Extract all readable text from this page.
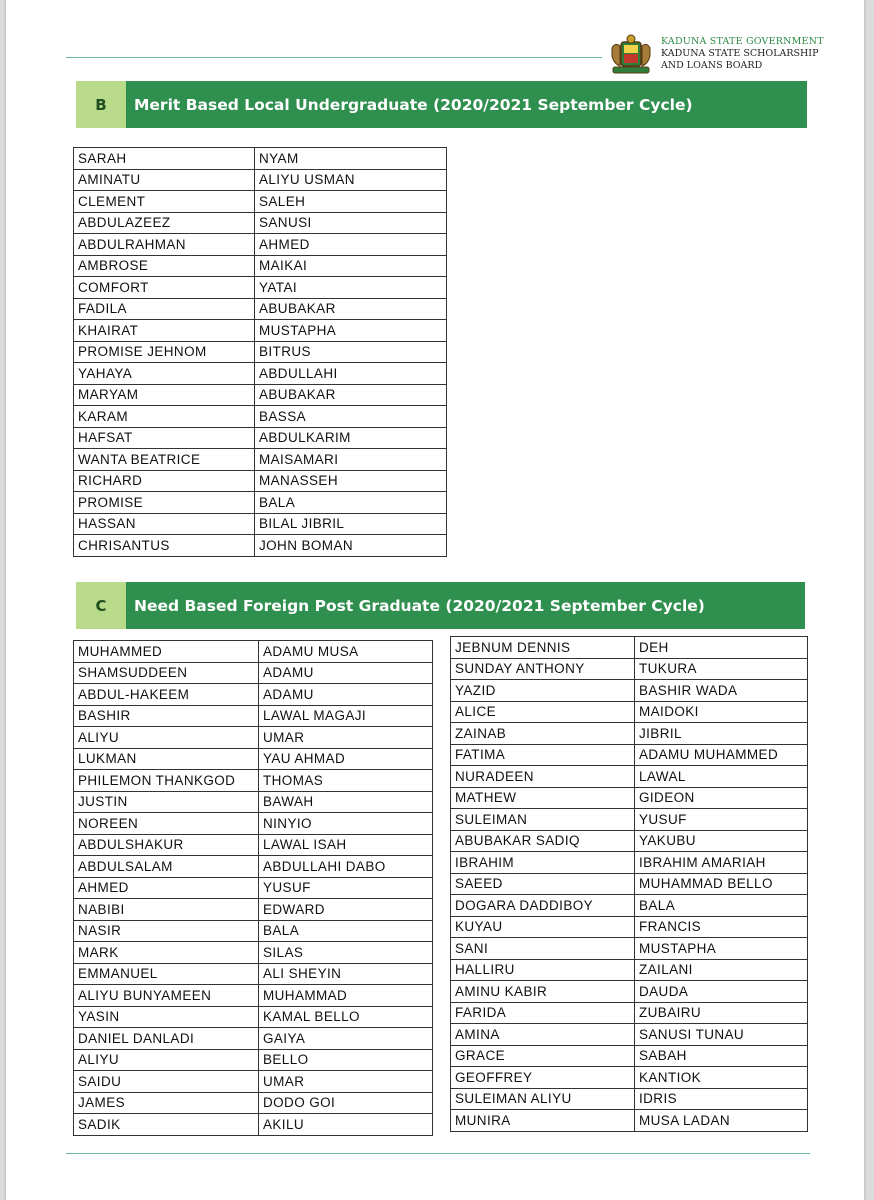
KADUNA STATE GOVERNMENT
KADUNA STATE SCHOLARSHIP
AND LOANS BOARD
B	Merit Based Local Undergraduate (2020/2021 September Cycle)
SARAH	NYAM
AMINATU	ALIYU USMAN
CLEMENT	SALEH
ABDULAZEEZ	SANUSI
ABDULRAHMAN	AHMED
AMBROSE	MAIKAI
COMFORT	YATAI
FADILA	ABUBAKAR
KHAIRAT	MUSTAPHA
PROMISE JEHNOM	BITRUS
YAHAYA	ABDULLAHI
MARYAM	ABUBAKAR
KARAM	BASSA
HAFSAT	ABDULKARIM
WANTA BEATRICE	MAISAMARI
RICHARD	MANASSEH
PROMISE	BALA
HASSAN	BILAL JIBRIL
CHRISANTUS	JOHN BOMAN
C	Need Based Foreign Post Graduate (2020/2021 September Cycle)
MUHAMMED	ADAMU MUSA
SHAMSUDDEEN	ADAMU
ABDUL-HAKEEM	ADAMU
BASHIR	LAWAL MAGAJI
ALIYU	UMAR
LUKMAN	YAU AHMAD
PHILEMON THANKGOD	THOMAS
JUSTIN	BAWAH
NOREEN	NINYIO
ABDULSHAKUR	LAWAL ISAH
ABDULSALAM	ABDULLAHI DABO
AHMED	YUSUF
NABIBI	EDWARD
NASIR	BALA
MARK	SILAS
EMMANUEL	ALI SHEYIN
ALIYU BUNYAMEEN	MUHAMMAD
YASIN	KAMAL BELLO
DANIEL DANLADI	GAIYA
ALIYU	BELLO
SAIDU	UMAR
JAMES	DODO GOI
SADIK	AKILU
JEBNUM DENNIS	DEH
SUNDAY ANTHONY	TUKURA
YAZID	BASHIR WADA
ALICE	MAIDOKI
ZAINAB	JIBRIL
FATIMA	ADAMU MUHAMMED
NURADEEN	LAWAL
MATHEW	GIDEON
SULEIMAN	YUSUF
ABUBAKAR SADIQ	YAKUBU
IBRAHIM	IBRAHIM AMARIAH
SAEED	MUHAMMAD BELLO
DOGARA DADDIBOY	BALA
KUYAU	FRANCIS
SANI	MUSTAPHA
HALLIRU	ZAILANI
AMINU KABIR	DAUDA
FARIDA	ZUBAIRU
AMINA	SANUSI TUNAU
GRACE	SABAH
GEOFFREY	KANTIOK
SULEIMAN ALIYU	IDRIS
MUNIRA	MUSA LADAN
